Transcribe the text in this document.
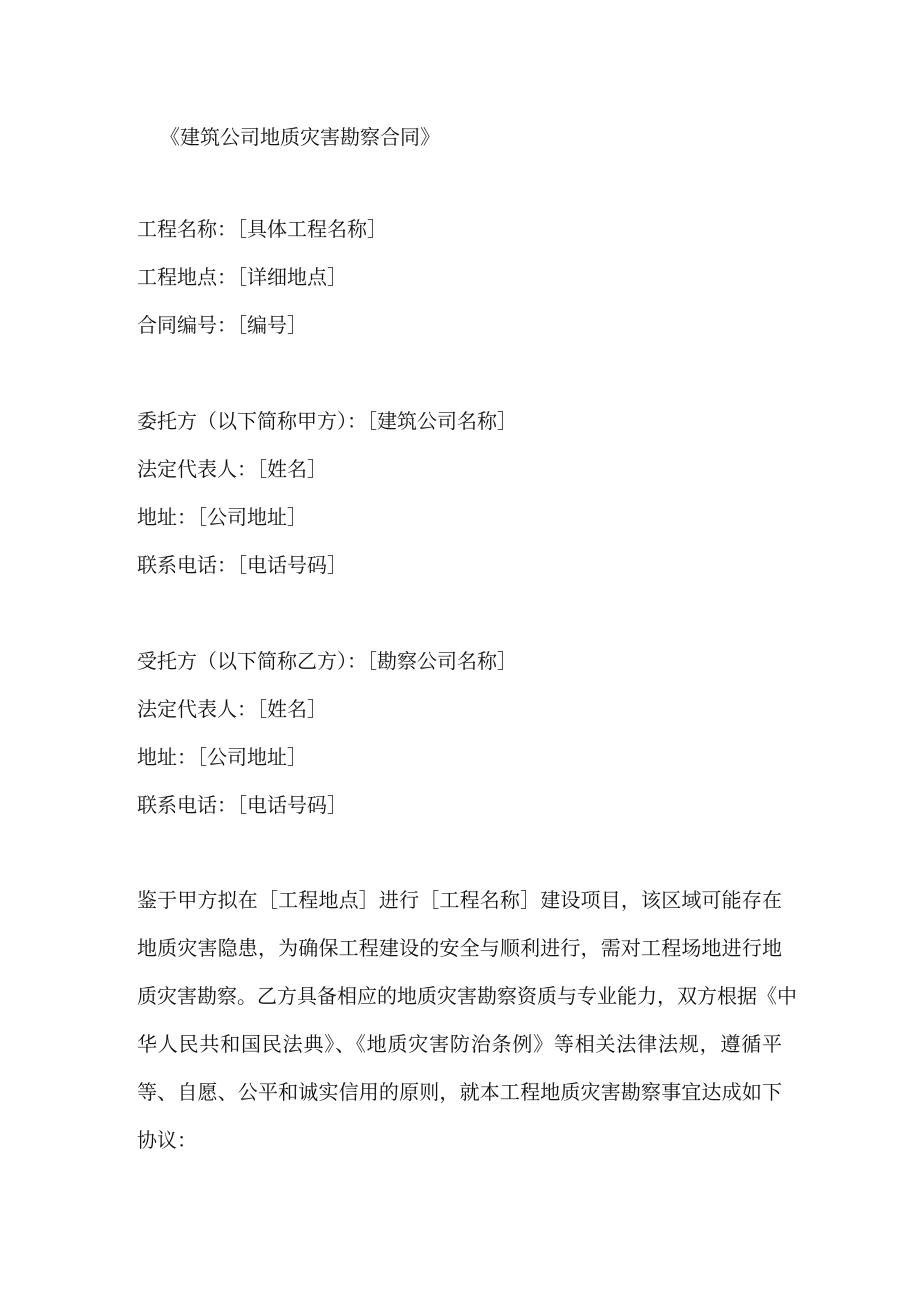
《建筑公司地质灾害勘察合同》
工程名称：［具体工程名称］
工程地点：［详细地点］
合同编号：［编号］
委托方（以下简称甲方）：［建筑公司名称］
法定代表人：［姓名］
地址：［公司地址］
联系电话：［电话号码］
受托方（以下简称乙方）：［勘察公司名称］
法定代表人：［姓名］
地址：［公司地址］
联系电话：［电话号码］
鉴于甲方拟在［工程地点］进行［工程名称］建设项目，该区域可能存在
地质灾害隐患，为确保工程建设的安全与顺利进行，需对工程场地进行地
质灾害勘察。乙方具备相应的地质灾害勘察资质与专业能力，双方根据《中
华人民共和国民法典》、《地质灾害防治条例》等相关法律法规，遵循平
等、自愿、公平和诚实信用的原则，就本工程地质灾害勘察事宜达成如下
协议：
